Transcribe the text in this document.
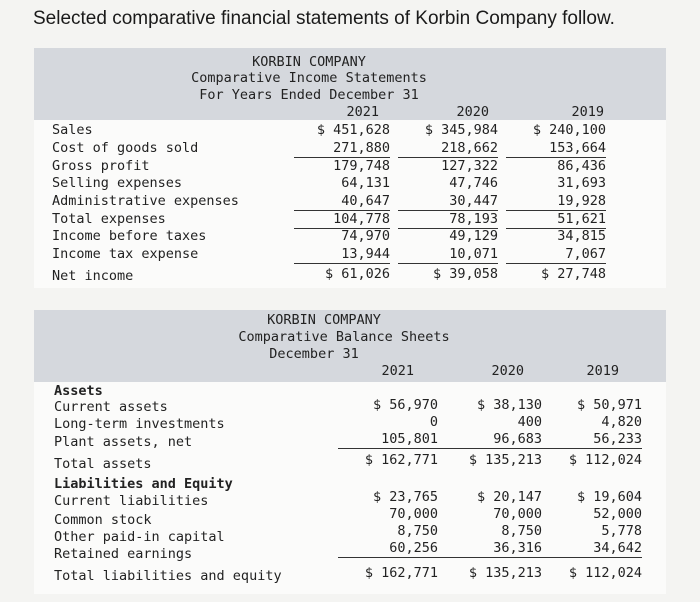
Selected comparative financial statements of Korbin Company follow.
KORBIN COMPANY
Comparative Income Statements
For Years Ended December 31
2021	2020	2019
Sales	$ 451,628	$ 345,984	$ 240,100
Cost of goods sold	271,880	218,662	153,664
Gross profit	179,748	127,322	86,436
Selling expenses	64,131	47,746	31,693
Administrative expenses	40,647	30,447	19,928
Total expenses	104,778	78,193	51,621
Income before taxes	74,970	49,129	34,815
Income tax expense	13,944	10,071	7,067
Net income	$ 61,026	$ 39,058	$ 27,748
KORBIN COMPANY
Comparative Balance Sheets
December 31
2021	2020	2019
Assets
Current assets	$ 56,970	$ 38,130	$ 50,971
Long-term investments	0	400	4,820
Plant assets, net	105,801	96,683	56,233
Total assets	$ 162,771	$ 135,213	$ 112,024
Liabilities and Equity
Current liabilities	$ 23,765	$ 20,147	$ 19,604
Common stock	70,000	70,000	52,000
Other paid-in capital	8,750	8,750	5,778
Retained earnings	60,256	36,316	34,642
Total liabilities and equity	$ 162,771	$ 135,213	$ 112,024
